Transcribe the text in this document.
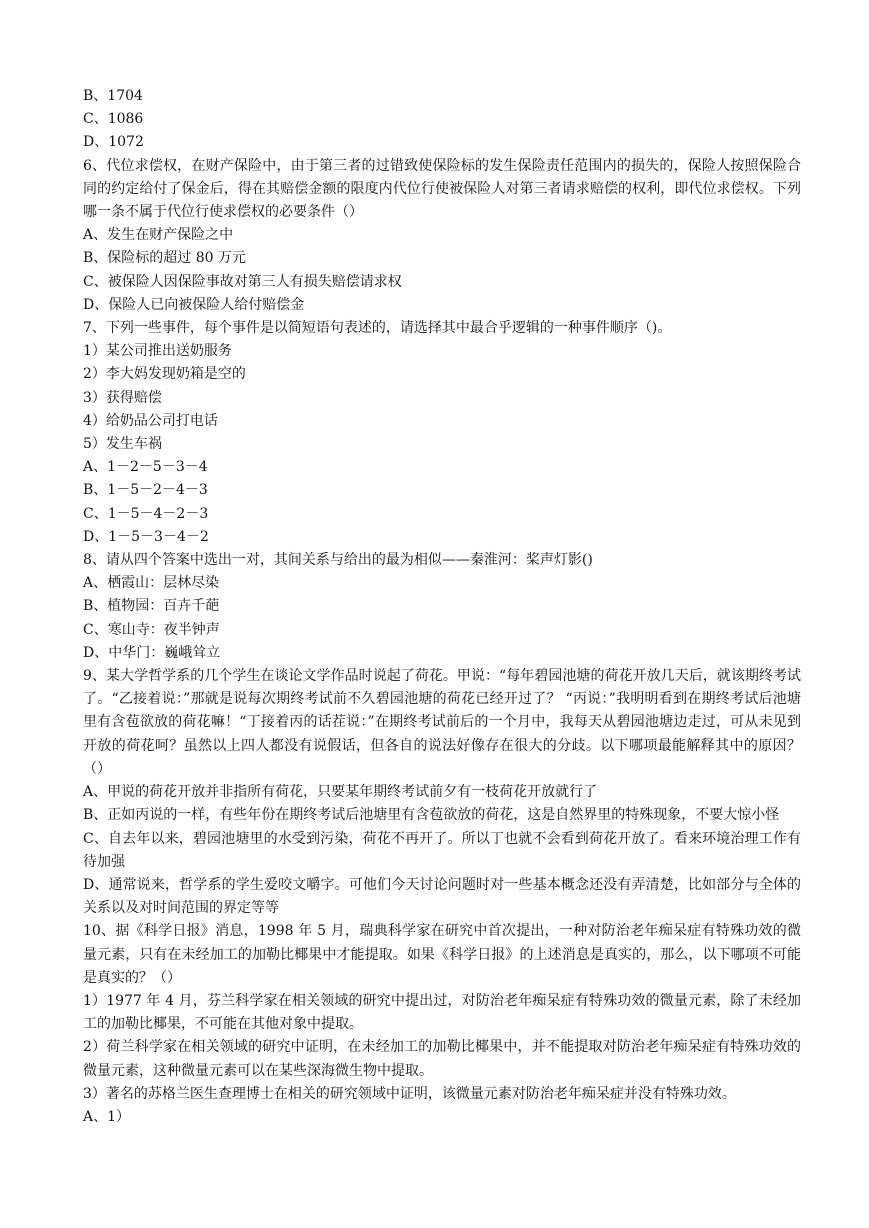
B、1704
C、1086
D、1072
6、代位求偿权，在财产保险中，由于第三者的过错致使保险标的发生保险责任范围内的损失的，保险人按照保险合同的约定给付了保金后，得在其赔偿金额的限度内代位行使被保险人对第三者请求赔偿的权利，即代位求偿权。下列哪一条不属于代位行使求偿权的必要条件（）
A、发生在财产保险之中
B、保险标的超过 80 万元
C、被保险人因保险事故对第三人有损失赔偿请求权
D、保险人已向被保险人给付赔偿金
7、下列一些事件，每个事件是以简短语句表述的，请选择其中最合乎逻辑的一种事件顺序（)。
1）某公司推出送奶服务
2）李大妈发现奶箱是空的
3）获得赔偿
4）给奶品公司打电话
5）发生车祸
A、1－2－5－3－4
B、1－5－2－4－3
C、1－5－4－2－3
D、1－5－3－4－2
8、请从四个答案中选出一对，其间关系与给出的最为相似——秦淮河：桨声灯影()
A、栖霞山：层林尽染
B、植物园：百卉千葩
C、寒山寺：夜半钟声
D、中华门：巍峨耸立
9、某大学哲学系的几个学生在谈论文学作品时说起了荷花。甲说：“每年碧园池塘的荷花开放几天后，就该期终考试了。“乙接着说：”那就是说每次期终考试前不久碧园池塘的荷花已经开过了？ “丙说：”我明明看到在期终考试后池塘里有含苞欲放的荷花嘛！“丁接着丙的话茬说：”在期终考试前后的一个月中，我每天从碧园池塘边走过，可从未见到开放的荷花呵？虽然以上四人都没有说假话，但各自的说法好像存在很大的分歧。以下哪项最能解释其中的原因？（）
A、甲说的荷花开放并非指所有荷花，只要某年期终考试前夕有一枝荷花开放就行了
B、正如丙说的一样，有些年份在期终考试后池塘里有含苞欲放的荷花，这是自然界里的特殊现象，不要大惊小怪
C、自去年以来，碧园池塘里的水受到污染，荷花不再开了。所以丁也就不会看到荷花开放了。看来环境治理工作有待加强
D、通常说来，哲学系的学生爱咬文嚼字。可他们今天讨论问题时对一些基本概念还没有弄清楚，比如部分与全体的关系以及对时间范围的界定等等
10、据《科学日报》消息，1998 年 5 月，瑞典科学家在研究中首次提出，一种对防治老年痴呆症有特殊功效的微量元素，只有在未经加工的加勒比椰果中才能提取。如果《科学日报》的上述消息是真实的，那么，以下哪项不可能是真实的？（）
1）1977 年 4 月，芬兰科学家在相关领域的研究中提出过，对防治老年痴呆症有特殊功效的微量元素，除了未经加工的加勒比椰果，不可能在其他对象中提取。
2）荷兰科学家在相关领域的研究中证明，在未经加工的加勒比椰果中，并不能提取对防治老年痴呆症有特殊功效的微量元素，这种微量元素可以在某些深海微生物中提取。
3）著名的苏格兰医生查理博士在相关的研究领域中证明，该微量元素对防治老年痴呆症并没有特殊功效。
A、1）
